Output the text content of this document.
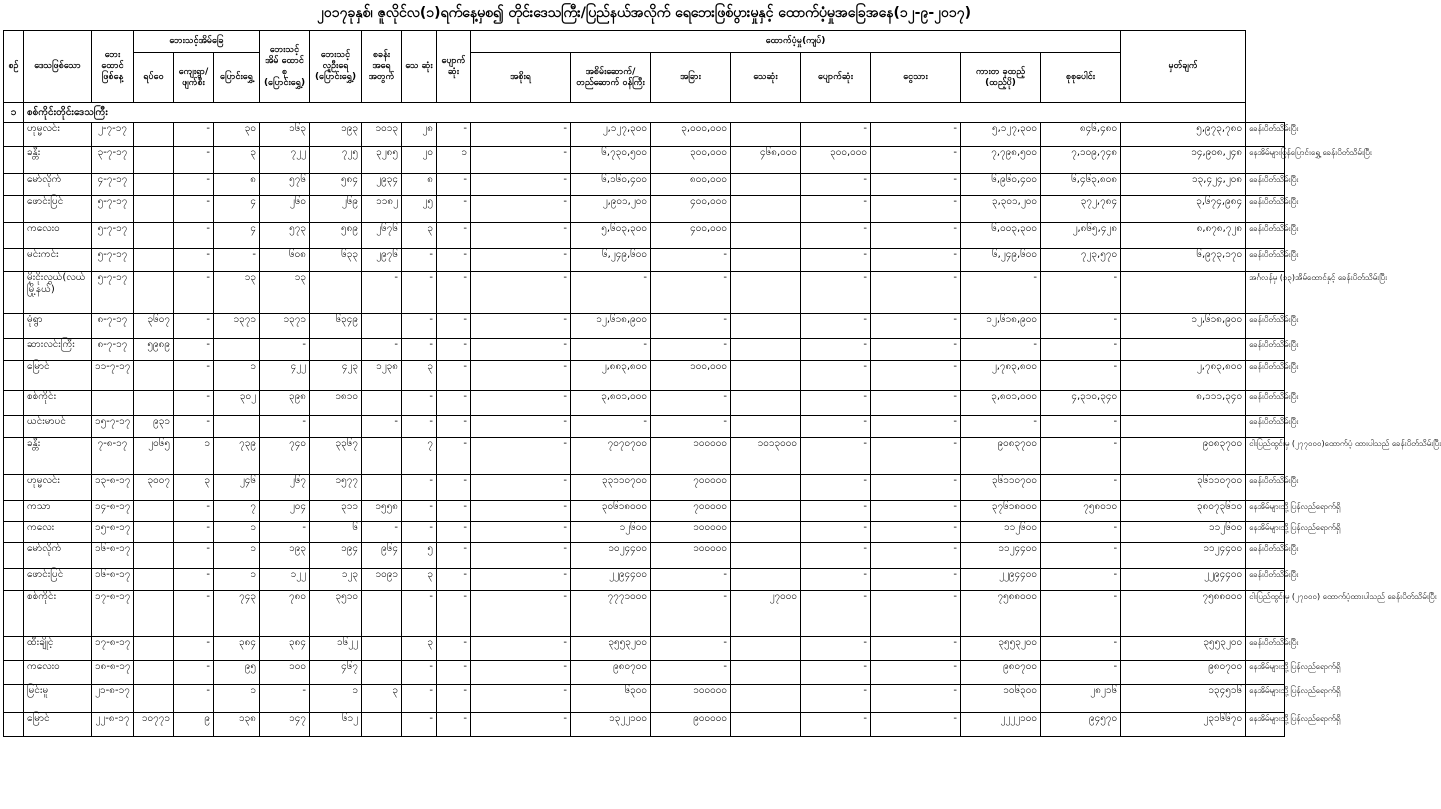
၂၀၁၇ခုနှစ်၊ ဇူလိုင်လ(၁)ရက်နေ့မှစ၍ တိုင်းဒေသကြီး/ပြည်နယ်အလိုက် ရေဘေးဖြစ်ပွားမှုနှင့် ထောက်ပံ့မှုအခြေအနေ(၁၂-၉-၂၀၁၇)
စဉ်	ဒေသဖြစ်သော	ဘေး ထောင် ဖြစ်နေ့	ဘေးသင့်အိမ်ခြေ			ဘေးသင့် အိမ် ထောင်စု (ပြောင်းရွှေ့)	ဘေးသင့် လူဦးရေ (ပြောင်းရွှေ့)	စခန်း အရေ အတွက်	သေ ဆုံး	ပျောက် ဆုံး	ထောက်ပံ့မှု(ကျပ်)								မှတ်ချက်	
			ရပ်ဝေ	ကျေးရွာ/ ဖျက်စီး	ပြောင်းရွှေ့						အစိုးရ	အစိမ်းဆောက်/ တည်ဆောက် ဝန်ကြီး	အခြား	သေဆုံး	ပျောက်ဆုံး	ငွေသား	ကားတ ခုထည့် (ထည့်ပို)	စုစုပေါင်း		
၁	စစ်ကိုင်းတိုင်းဒေသကြီး																			
	ဟုမ္မလင်း	၂-၇-၁၇		-	၃၀	၁၆၃	၁၉၃	၁၀၁၃	၂၈	-	-	၂,၁၂၇,၃၀၀	၃,၀၀၀,၀၀၀		-	-	၅,၁၂၇,၃၀၀	၈၄၆,၄၈၀	၅,၉၇၃,၇၈၀	ခေန်းပိတ်သိမ်းပြီး
	ခန္တီး	၃-၇-၁၇		-	၃	၇၂၂	၇၂၅	၃၂၈၅	၂၀	၁	-	၆,၇၃၀,၅၀၀	၃၀၀,၀၀၀	၄၆၈,၀၀၀	၃၀၀,၀၀၀	-	၇,၇၉၈,၅၀၀	၇,၁၀၉,၇၄၈	၁၄,၉၀၈,၂၄၈	နေအိမ်များပြန်ပြောင်းရွှေ့ ခေန်းပိတ်သိမ်းပြီး
	မော်လိုက်	၄-၇-၁၇		-	၈	၅၇၆	၅၈၄	၂၉၃၄	၈	-	-	၆,၁၆၀,၄၀၀	၈၀၀,၀၀၀		-	-	၆,၉၆၀,၄၀၀	၆,၄၆၃,၈၀၈	၁၃,၄၂၄,၂၀၈	ခေန်းပိတ်သိမ်းပြီး
	ဖောင်းပြင်	၅-၇-၁၇		-	၄	၂၆၀	၂၆၉	၁၁၈၂	၂၅	-	-	၂,၉၀၁,၂၀၀	၄၀၀,၀၀၀		-	-	၃,၃၀၁,၂၀၀	၃၇၂,၇၈၄	၃,၆၇၄,၉၈၄	ခေန်းပိတ်သိမ်းပြီး
	ကလေးဝ	၅-၇-၁၇		-	၄	၅၇၃	၅၈၉	၂၆၇၆	၃	-	-	၅,၆၀၃,၃၀၀	၄၀၀,၀၀၀		-	-	၆,၀၀၃,၃၀၀	၂,၈၆၅,၄၂၈	၈,၈၇၈,၇၂၈	ခေန်းပိတ်သိမ်းပြီး
	မင်းကင်း	၅-၇-၁၇		-	-	၆၀၈	၆၃၃	၂၉၇၆	-	-	-	၆,၂၄၉,၆၀၀	-		-	-	၆,၂၄၉,၆၀၀	၇၂၃,၅၇၀	၆,၉၇၃,၁၇၀	ခေန်းပိတ်သိမ်းပြီး
	မိုးငိုးလွယ်(လယ်မြို့နယ်)	၅-၇-၁၇		-	၁၃	၁၃		-	-	-	-	-	-		-	-	-	-		အင်္ဂလန်မှ (၁၃)အိမ်ထောင်နှင့် ခေန်းပိတ်သိမ်းပြီး
	မုံရွာ	၈-၇-၁၇	၃၆၀၇	-	၁၃၇၁	၁၃၇၁	၆၃၄၉		-	-	-	၁၂,၆၁၈,၉၀၀	-		-	-	၁၂,၆၁၈,၉၀၀	-	၁၂,၆၁၈,၉၀၀	ခေန်းပိတ်သိမ်းပြီး
	ဆားလင်းကြီး	၈-၇-၁၇	၅၉၈၉	-		-		-	-	-	-	-	-		-	-	-	-		ခေန်းပိတ်သိမ်းပြီး
	မြောင်	၁၁-၇-၁၇		-	၁	၄၂၂	၄၂၃	၁၂၃၈	၃	-	-	၂,၈၈၃,၈၀၀	၁၀၀,၀၀၀		-	-	၂,၇၈၃,၈၀၀	-	၂,၇၈၃,၈၀၀	ခေန်းပိတ်သိမ်းပြီး
	စစ်ကိုင်း			-	၃၀၂	၃၉၈	၁၈၁၀		-	-	-	၃,၈၀၁,၀၀၀	-		-	-	၃,၈၀၁,၀၀၀	၄,၃၁၀,၃၄၀	၈,၁၁၁,၃၄၀	ခေန်းပိတ်သိမ်းပြီး
	ယင်းမာပင်	၁၅-၇-၁၇	၉၃၁	-		-		-	-	-	-	-	-		-	-	-	-		ခေန်းပိတ်သိမ်းပြီး
	ခန္တီး	၇-၈-၁၇	၂၀၆၅	၁	၇၃၉	၇၄၀	၃၃၆၇		၇	-	-	၇၀၇၀၇၀၀	၁၀၀၀၀၀	၁၀၁၃၀၀၀	-	-	၉၀၈၃၇၀၀	-	၉၀၈၃၇၀၀	ငါးပြည်ထွင်းမှ (၂၇၇၀၀၀)ထောက်ပံ့ ထားပါသည် ခေန်းပိတ်သိမ်းပြီး
	ဟုမ္မလင်း	၁၃-၈-၁၇	၃၀၀၇	၃	၂၄၆	၂၆၇	၁၅၇၇		-	-	-	၃၃၁၁၀၇၀၀	၇၀၀၀၀၀		-	-	၃၆၁၁၀၇၀၀	-	၃၆၁၁၀၇၀၀	ခေန်းပိတ်သိမ်းပြီး
	ကသာ	၁၄-၈-၁၇		-	၇	၂၀၄	၃၁၁	၁၅၅၈	-	-	-	၃၀၆၁၈၀၀၀	၇၀၀၀၀၀		-	-	၃၇၆၁၈၀၀၀	၇၅၈၀၁၀	၃၈၀၇၃၆၁၀	နေအိမ်များသို့ပြန်လည်ရောက်ရှိ
	ကလေး	၁၅-၈-၁၇		-	၁	-	၆	-	-	-	-	၁၂၆၀၀	၁၀၀၀၀၀		-	-	၁၁၂၆၀၀	-	၁၁၂၆၀၀	နေအိမ်များသို့ပြန်လည်ရောက်ရှိ
	မော်လိုက်	၁၆-၈-၁၇		-	၁	၁၉၃	၁၉၄	၉၆၄	၅	-	-	၁၀၂၄၄၀၀	၁၀၀၀၀၀		-	-	၁၁၂၄၄၀၀	-	၁၁၂၄၄၀၀	ခေန်းပိတ်သိမ်းပြီး
	ဖောင်းပြင်	၁၆-၈-၁၇		-	၁	၁၂၂	၁၂၃	၁၀၉၁	၃	-	-	၂၂၉၄၄၀၀	-		-	-	၂၂၉၄၄၀၀	-	၂၂၉၄၄၀၀	ခေန်းပိတ်သိမ်းပြီး
	စစ်ကိုင်း	၁၇-၈-၁၇		-	၇၄၃	၇၈၀	၃၅၁၀		-	-	-	၇၇၇၁၀၀၀	-	၂၇၀၀၀	-	-	၇၅၈၈၀၀၀	-	၇၅၈၈၀၀၀	ငါးပြည်ထွင်းမှ (၂၇၀၀၀) ထောက်ပံ့ထားပါသည် ခေန်းပိတ်သိမ်းပြီး
	ထီးချိုင့်	၁၇-၈-၁၇		-	၃၈၄	၃၈၄	၁၆၂၂		၃	-	-	၃၅၅၃၂၀၀	-		-	-	၃၅၅၃၂၀၀	-	၃၅၅၃၂၀၀	ခေန်းပိတ်သိမ်းပြီး
	ကလေးဝ	၁၈-၈-၁၇		-	၉၅	၁၀၀	၄၆၇		-	-	-	၉၈၀၇၀၀	-		-	-	၉၈၀၇၀၀	-	၉၈၀၇၀၀	နေအိမ်များသို့ပြန်လည်ရောက်ရှိ
	မြင်းမူ	၂၁-၈-၁၇		-	၁	-	၁	၃	-	-	-	၆၃၀၀	၁၀၀၀၀၀		-	-	၁၀၆၃၀၀	၂၈၂၁၆	၁၃၄၅၁၆	နေအိမ်များသို့ပြန်လည်ရောက်ရှိ
	မြောင်	၂၂-၈-၁၇	၁၀၇၇၁	၉	၁၃၈	၁၄၇	၆၁၂		-	-	-	၁၃၂၂၁၀၀	၉၀၀၀၀၀		-	-	၂၂၂၂၁၀၀	၉၄၅၇၀	၂၃၁၆၆၇၀	နေအိမ်များသို့ပြန်လည်ရောက်ရှိ
